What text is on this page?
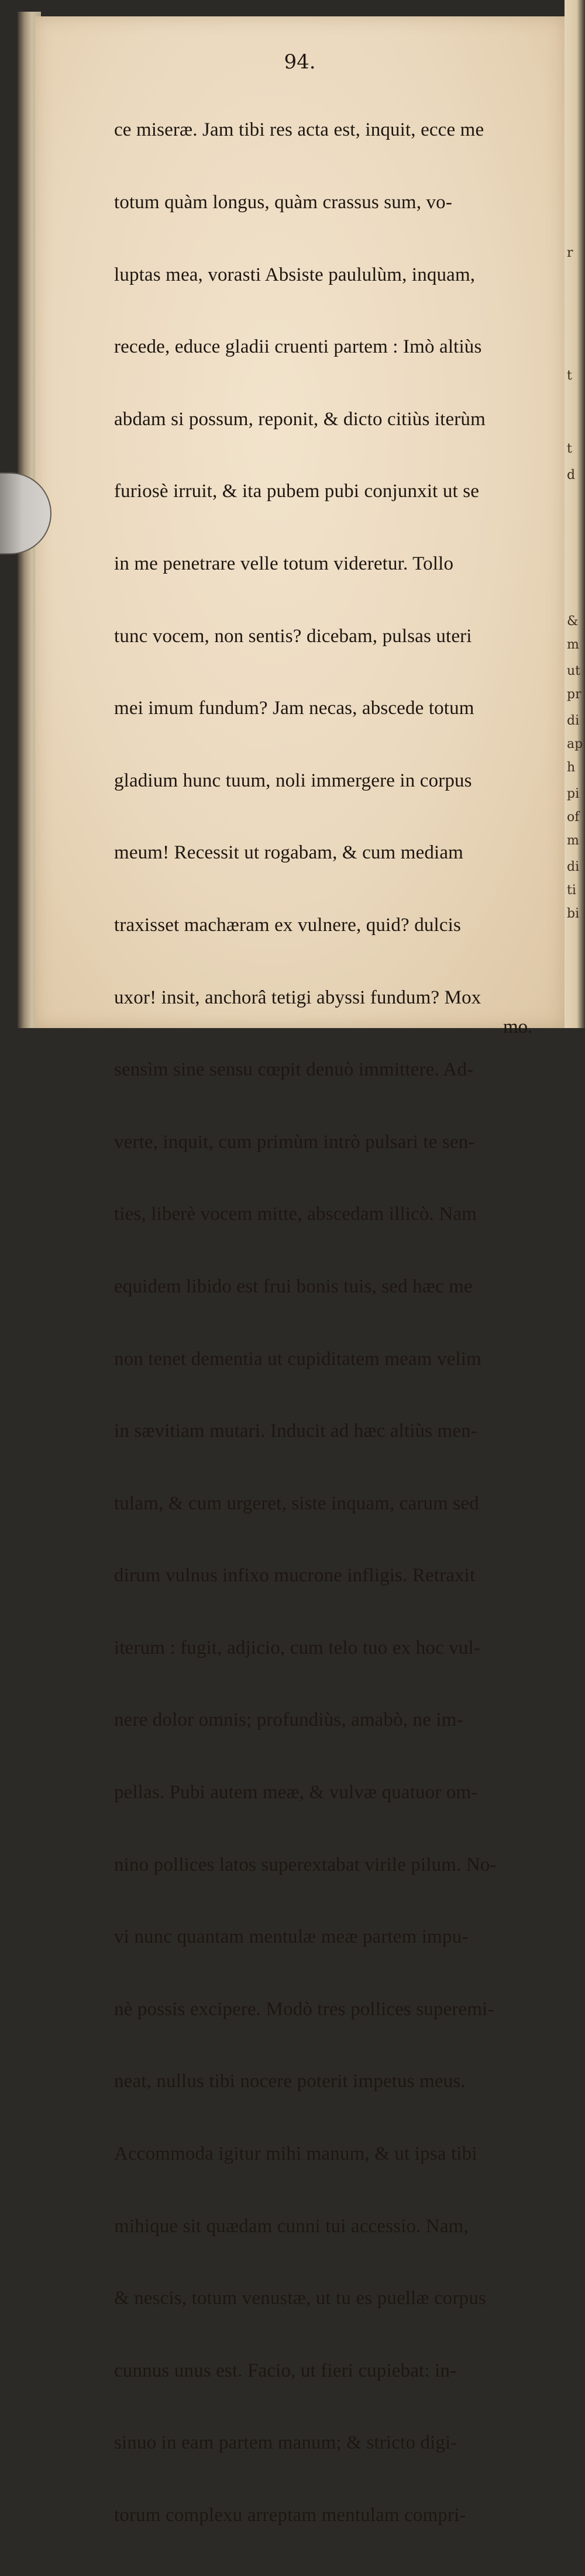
94.

ce miseræ. Jam tibi res acta est, inquit, ecce me

totum quàm longus, quàm crassus sum, vo-

luptas mea, vorasti Absiste paululùm, inquam,

recede, educe gladii cruenti partem : Imò altiùs

abdam si possum, reponit, & dicto citiùs iterùm

furiosè irruit, & ita pubem pubi conjunxit ut se

in me penetrare velle totum videretur. Tollo

tunc vocem, non sentis? dicebam, pulsas uteri

mei imum fundum? Jam necas, abscede totum

gladium hunc tuum, noli immergere in corpus

meum! Recessit ut rogabam, & cum mediam

traxisset machæram ex vulnere, quid? dulcis

uxor! insit, anchorâ tetigi abyssi fundum? Mox

sensìm sine sensu cœpit denuò immittere. Ad-

verte, inquit, cum primùm intrò pulsari te sen-

ties, liberè vocem mitte, abscedam illicò. Nam

equidem libido est frui bonis tuis, sed hæc me

non tenet dementia ut cupiditatem meam velim

in sævitiam mutari. Inducit ad hæc altiùs men-

tulam, & cum urgeret, siste inquam, carum sed

dirum vulnus infixo mucrone infligis. Retraxit

iterum : fugit, adjicio, cum telo tuo ex hoc vul-

nere dolor omnis; profundiùs, amabò, ne im-

pellas. Pubi autem meæ, & vulvæ quatuor om-

nino pollices latos superextabat virile pilum. No-

vi nunc quantam mentulæ meæ partem impu-

nè possis excipere. Modò tres pollices superemi-

neat, nullus tibi nocere poterit impetus meus.

Accommoda igitur mihi manum, & ut ipsa tibi

mihique sit quædam cunni tui accessio. Nam,

& nescis, totum venustæ, ut tu es puellæ corpus

cunnus unus est. Facio, ut fieri cupiebat: in-

sinuo in eam partem manum; & stricto digi-

torum complexu arreptam mentulam compri-

mo.
r
t
t
d
&
m
ut
pr
di
ap
h
pi
of
m
di
ti
bi
